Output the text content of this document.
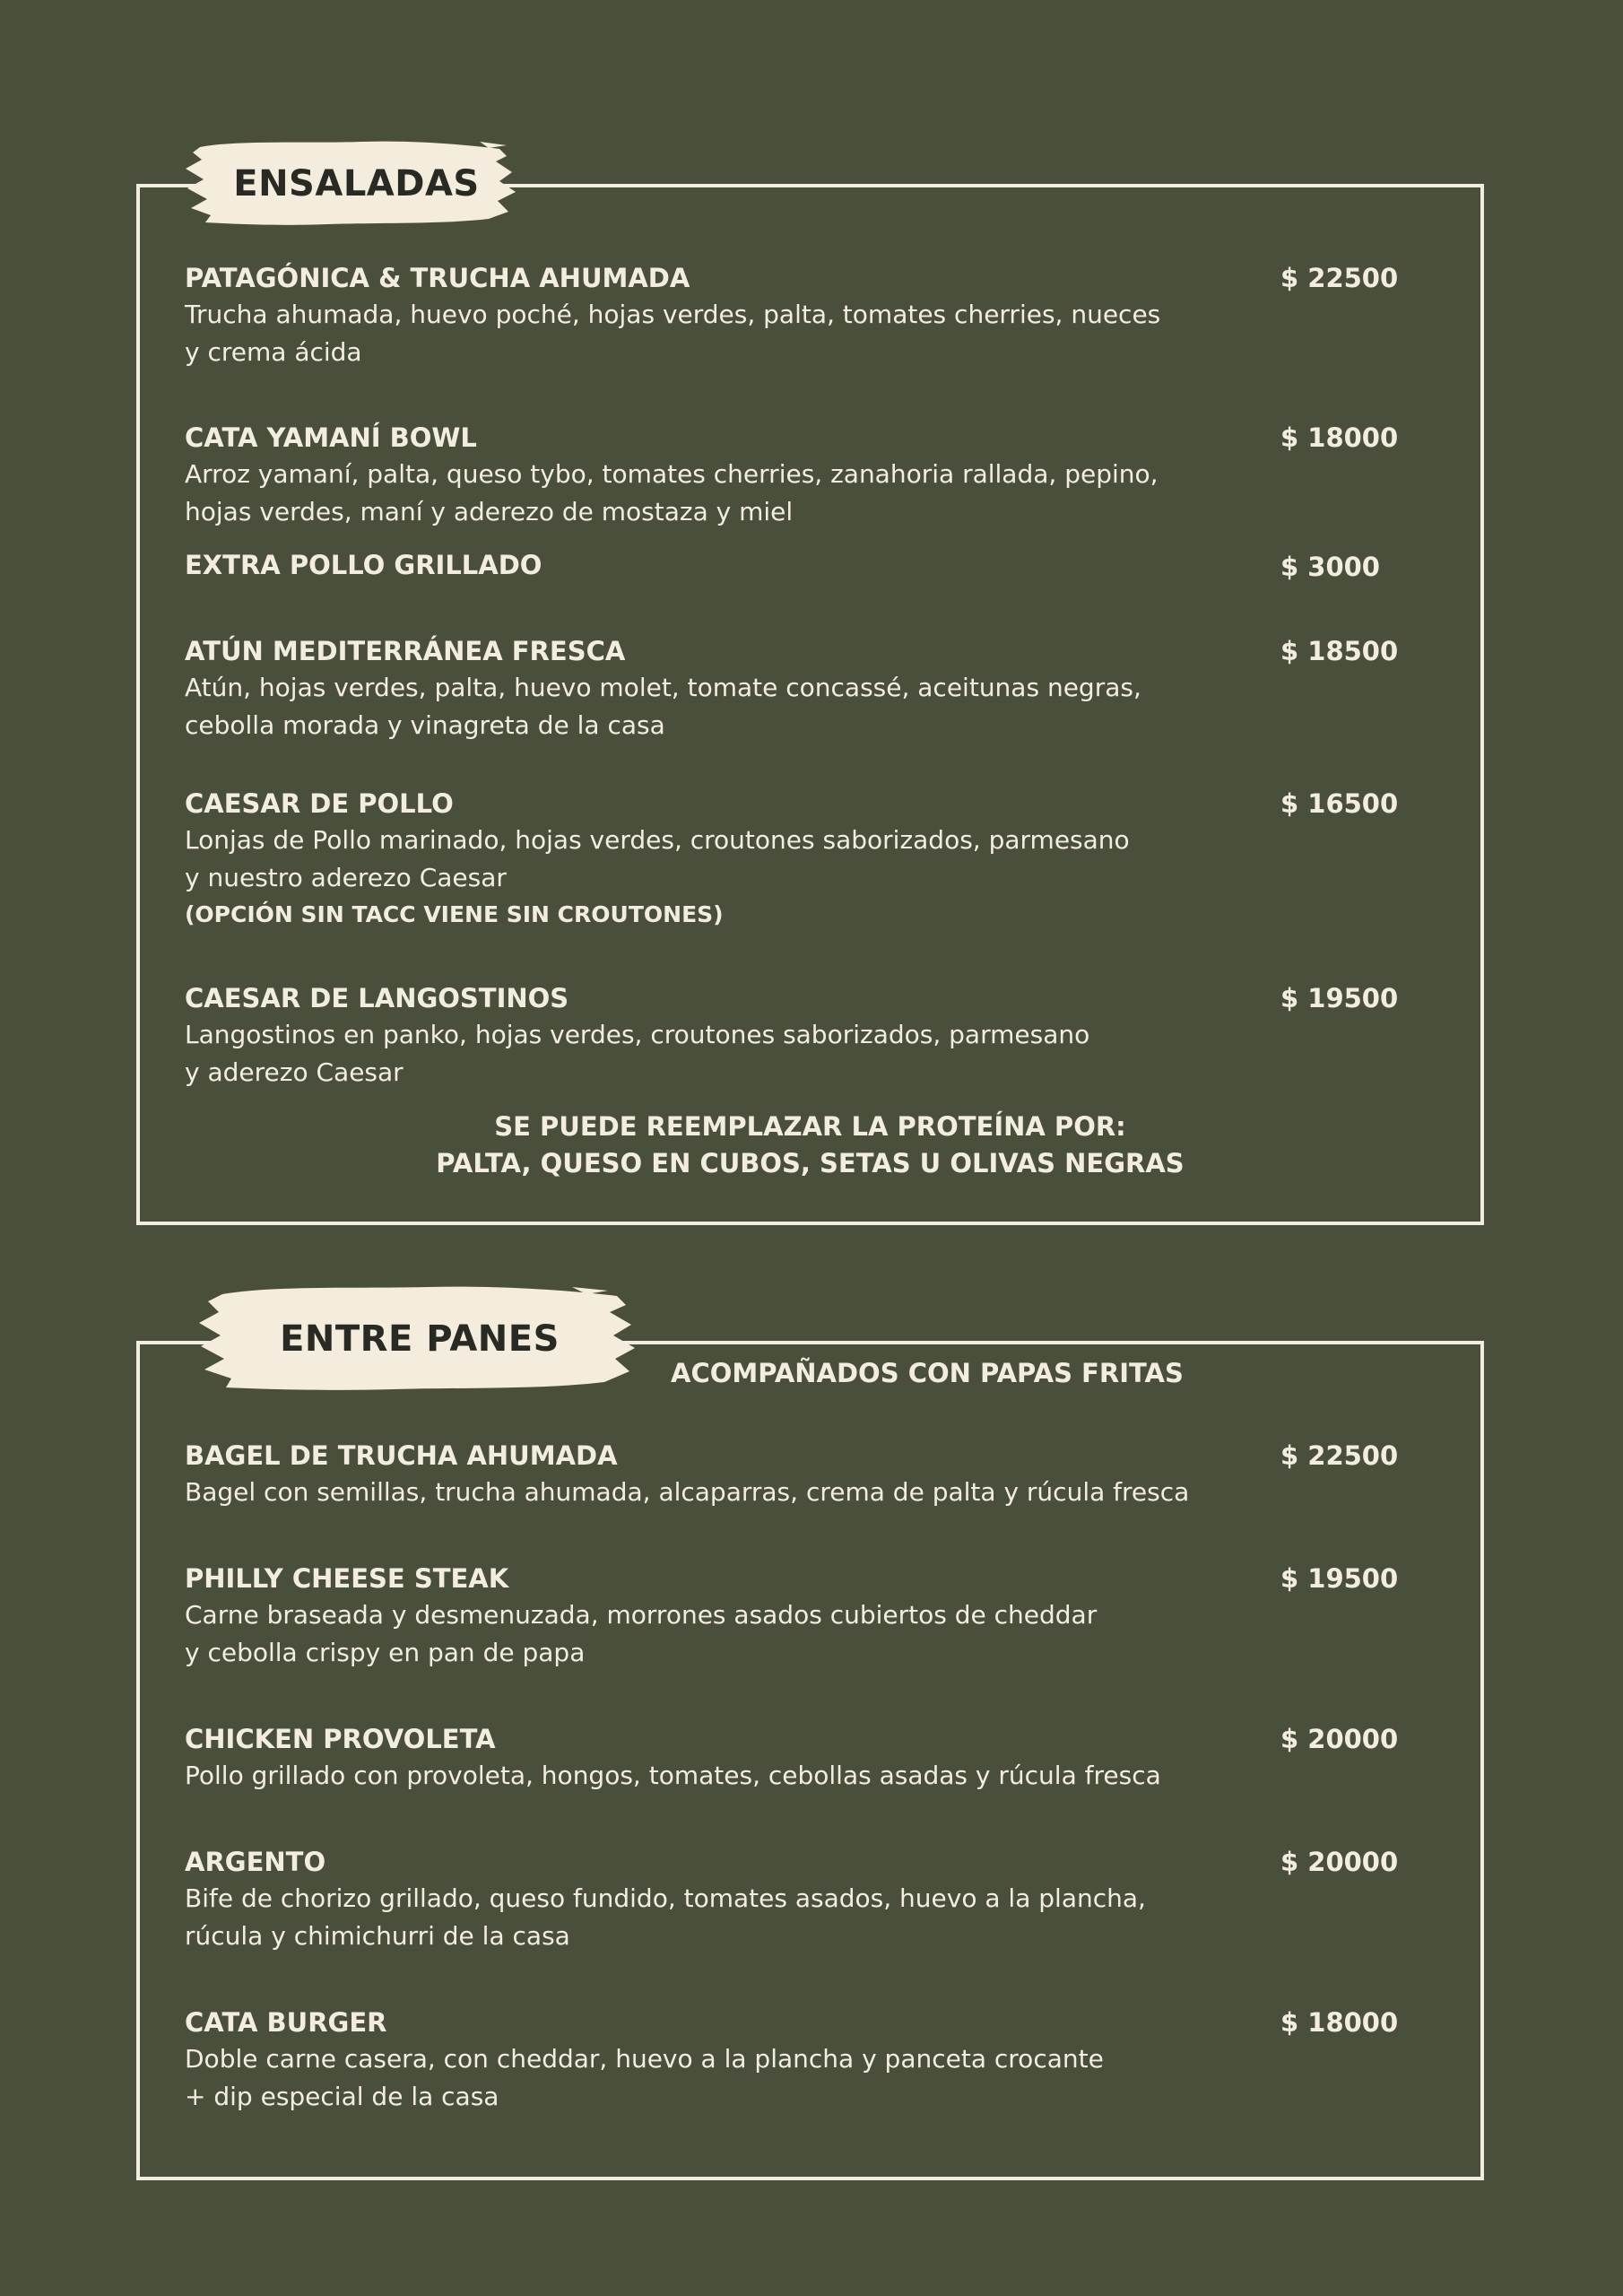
ENSALADAS
ENTRE PANES
PATAGÓNICA & TRUCHA AHUMADA
Trucha ahumada, huevo poché, hojas verdes, palta, tomates cherries, nueces
y crema ácida
$ 22500
CATA YAMANÍ BOWL
Arroz yamaní, palta, queso tybo, tomates cherries, zanahoria rallada, pepino,
hojas verdes, maní y aderezo de mostaza y miel
$ 18000
EXTRA POLLO GRILLADO	$ 3000
ATÚN MEDITERRÁNEA FRESCA
Atún, hojas verdes, palta, huevo molet, tomate concassé, aceitunas negras,
cebolla morada y vinagreta de la casa
$ 18500
CAESAR DE POLLO
Lonjas de Pollo marinado, hojas verdes, croutones saborizados, parmesano
y nuestro aderezo Caesar
(OPCIÓN SIN TACC VIENE SIN CROUTONES)
$ 16500
CAESAR DE LANGOSTINOS
Langostinos en panko, hojas verdes, croutones saborizados, parmesano
y aderezo Caesar
$ 19500
SE PUEDE REEMPLAZAR LA PROTEÍNA POR:
PALTA, QUESO EN CUBOS, SETAS U OLIVAS NEGRAS
ACOMPAÑADOS CON PAPAS FRITAS
BAGEL DE TRUCHA AHUMADA
Bagel con semillas, trucha ahumada, alcaparras, crema de palta y rúcula fresca
$ 22500
PHILLY CHEESE STEAK
Carne braseada y desmenuzada, morrones asados cubiertos de cheddar
y cebolla crispy en pan de papa
$ 19500
CHICKEN PROVOLETA
Pollo grillado con provoleta, hongos, tomates, cebollas asadas y rúcula fresca
$ 20000
ARGENTO
Bife de chorizo grillado, queso fundido, tomates asados, huevo a la plancha,
rúcula y chimichurri de la casa
$ 20000
CATA BURGER
Doble carne casera, con cheddar, huevo a la plancha y panceta crocante
+ dip especial de la casa
$ 18000
